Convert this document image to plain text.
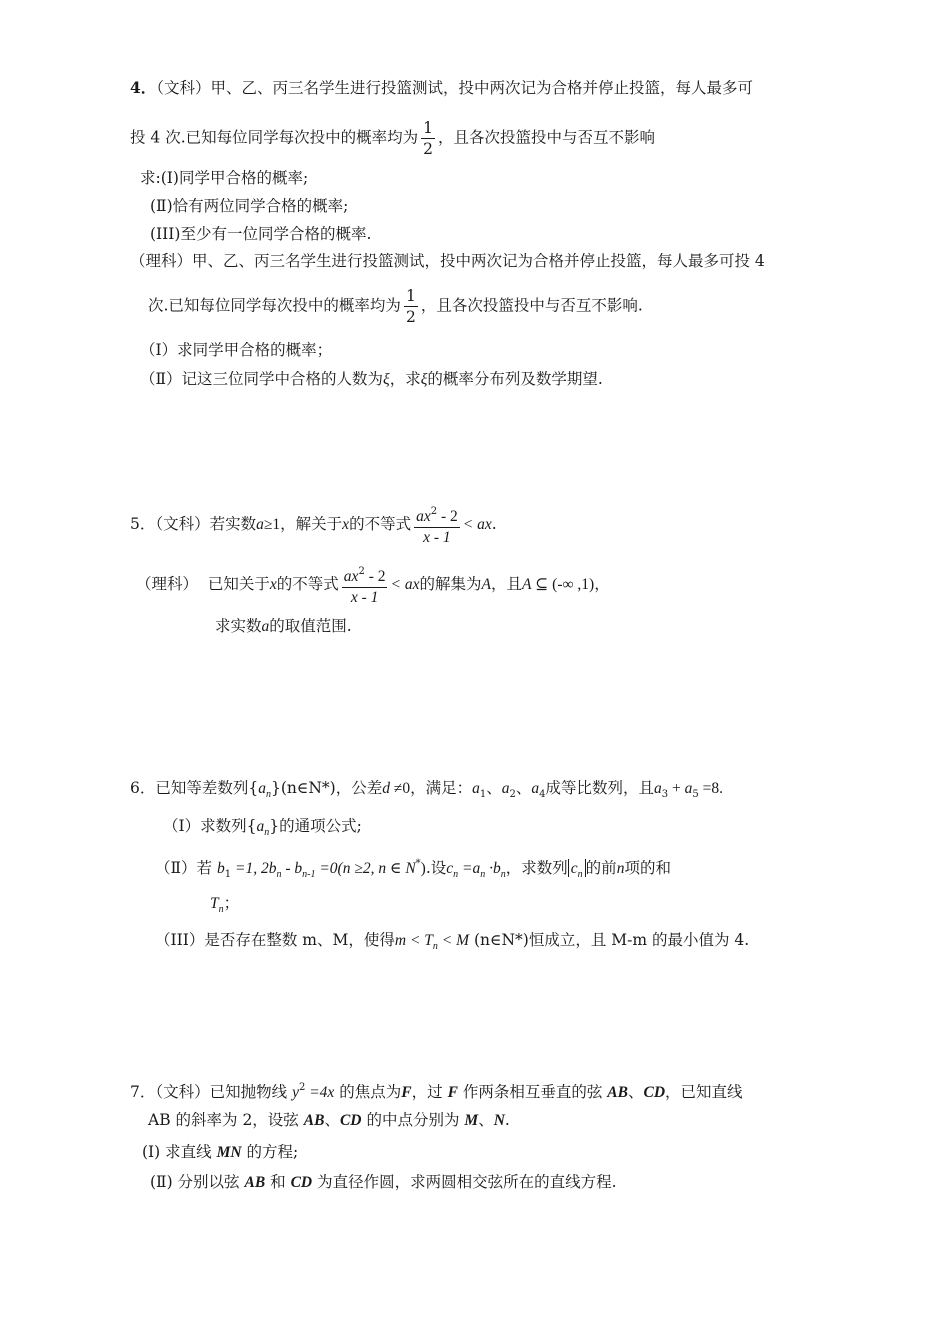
4．（文科）甲、乙、丙三名学生进行投篮测试，投中两次记为合格并停止投篮，每人最多可
投 4 次.已知每位同学每次投中的概率均为 $\frac{1}{2}$ ，且各次投篮投中与否互不影响
求:(Ⅰ)同学甲合格的概率;
(Ⅱ)恰有两位同学合格的概率;
(III)至少有一位同学合格的概率.
（理科）甲、乙、丙三名学生进行投篮测试，投中两次记为合格并停止投篮，每人最多可投 4
次.已知每位同学每次投中的概率均为 $\frac{1}{2}$ ，且各次投篮投中与否互不影响.
（Ⅰ）求同学甲合格的概率；
（Ⅱ）记这三位同学中合格的人数为ξ，求ξ的概率分布列及数学期望.
5．（文科）若实数a≥1，解关于x的不等式 $\frac{ax^2 - 2}{x - 1}$ < ax.
（理科） 已知关于x的不等式 $\frac{ax^2 - 2}{x - 1}$ < ax的解集为A，且A ⊆ (-∞ ,1)，
求实数a的取值范围.
6．已知等差数列$\{a_n\}(n\in N*)$，公差d ≠0，满足：$a_1$、$a_2$、$a_4$成等比数列，且$a_3 + a_5 =8$.
（Ⅰ）求数列$\{a_n\}$的通项公式;
（Ⅱ）若 $b_1 =1$, $2b_n - b_{n-1} =0(n \ge 2$, n ∈ N*).设$c_n =a_n \cdot b_n$，求数列 $c_n$ 的前n项的和
$T_n$；
（III）是否存在整数 m、M，使得$m < T_n < M$ (n∈N*)恒成立，且 M-m 的最小值为 4.
7．（文科）已知抛物线 $y^2 =4x$ 的焦点为F，过 F 作两条相互垂直的弦 AB、CD，已知直线
AB 的斜率为 2，设弦 AB、CD 的中点分别为 M、N.
(Ⅰ) 求直线 MN 的方程;
(Ⅱ) 分别以弦 AB 和 CD 为直径作圆，求两圆相交弦所在的直线方程.
